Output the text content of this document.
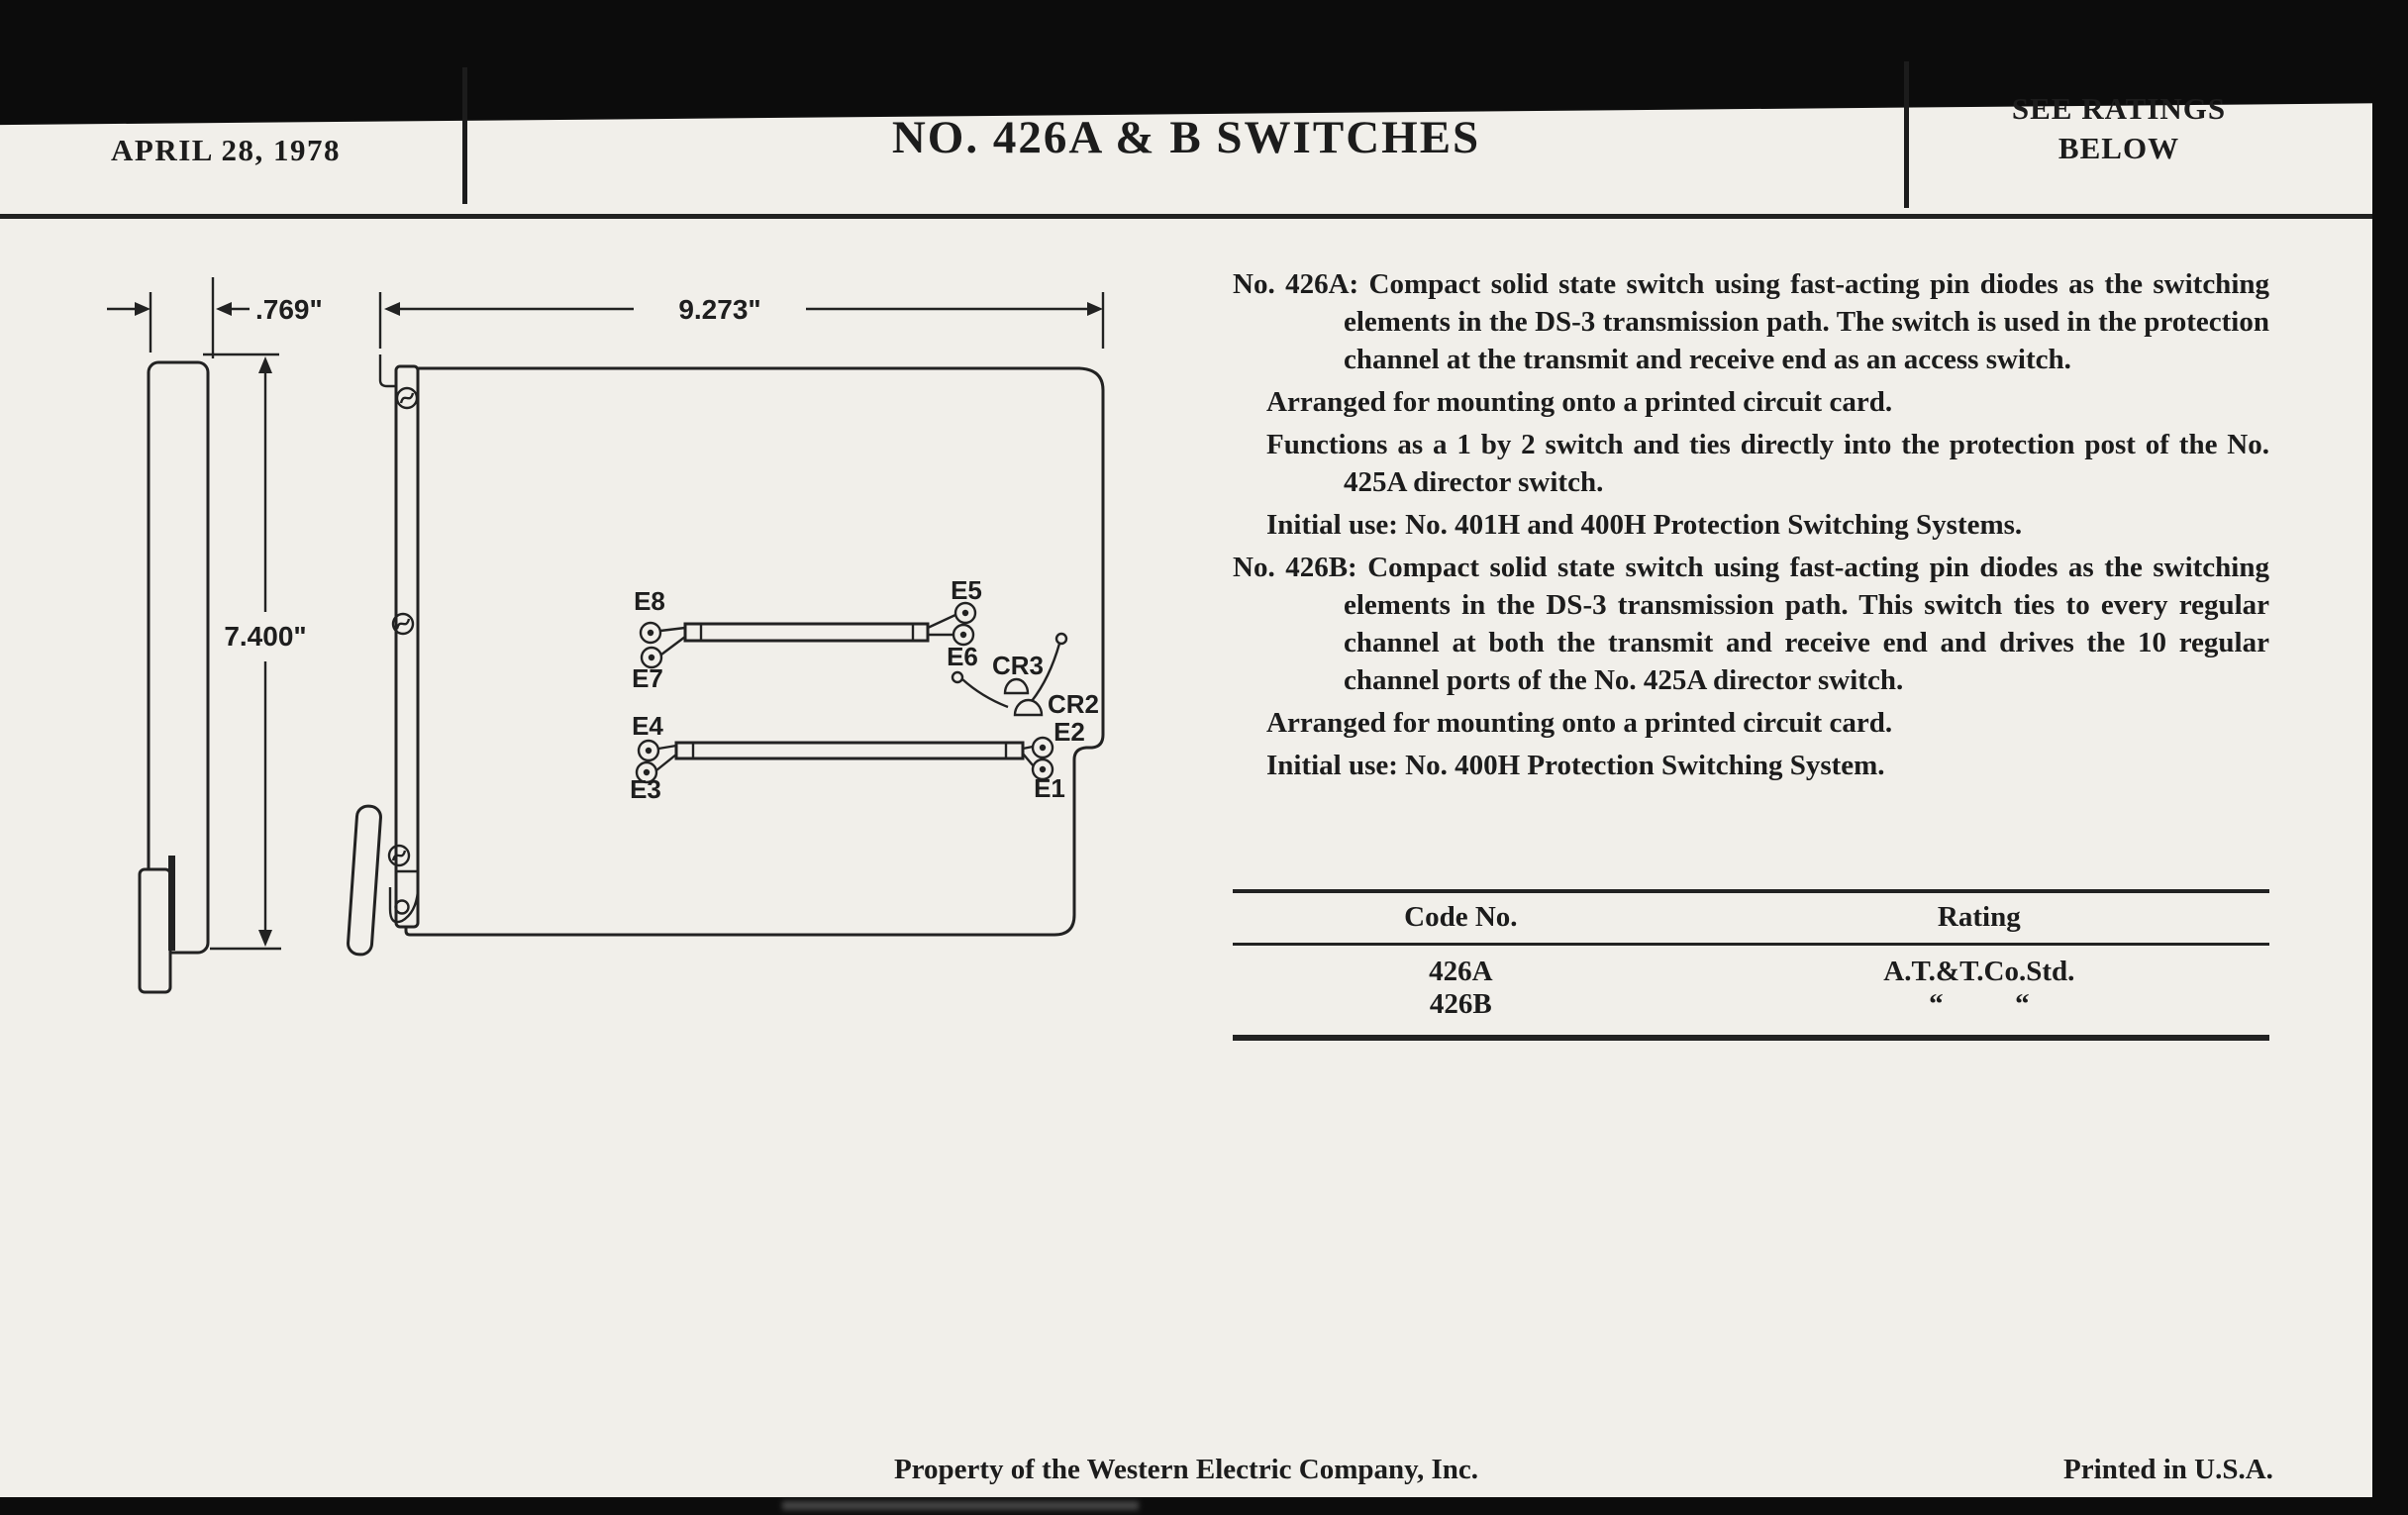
APRIL 28, 1978	NO. 426A & B SWITCHES
SEE RATINGS
BELOW
.769"
7.400"
9.273"
E8
E7
E5
E6 CR3
CR2
E4
E3
E2
E1

No. 426A: Compact solid state switch using fast-acting pin diodes as the switching elements in the DS-3 transmission path. The switch is used in the protection channel at the transmit and receive end as an access switch.

Arranged for mounting onto a printed circuit card.

Functions as a 1 by 2 switch and ties directly into the protection post of the No. 425A director switch.

Initial use: No. 401H and 400H Protection Switching Systems.

No. 426B: Compact solid state switch using fast-acting pin diodes as the switching elements in the DS-3 transmission path. This switch ties to every regular channel at both the transmit and receive end and drives the 10 regular channel ports of the No. 425A director switch.

Arranged for mounting onto a printed circuit card.

Initial use: No. 400H Protection Switching System.

Code No.	Rating
426A	A.T.&T.Co.Std.
426B	“          “
Property of the Western Electric Company, Inc.	Printed in U.S.A.
